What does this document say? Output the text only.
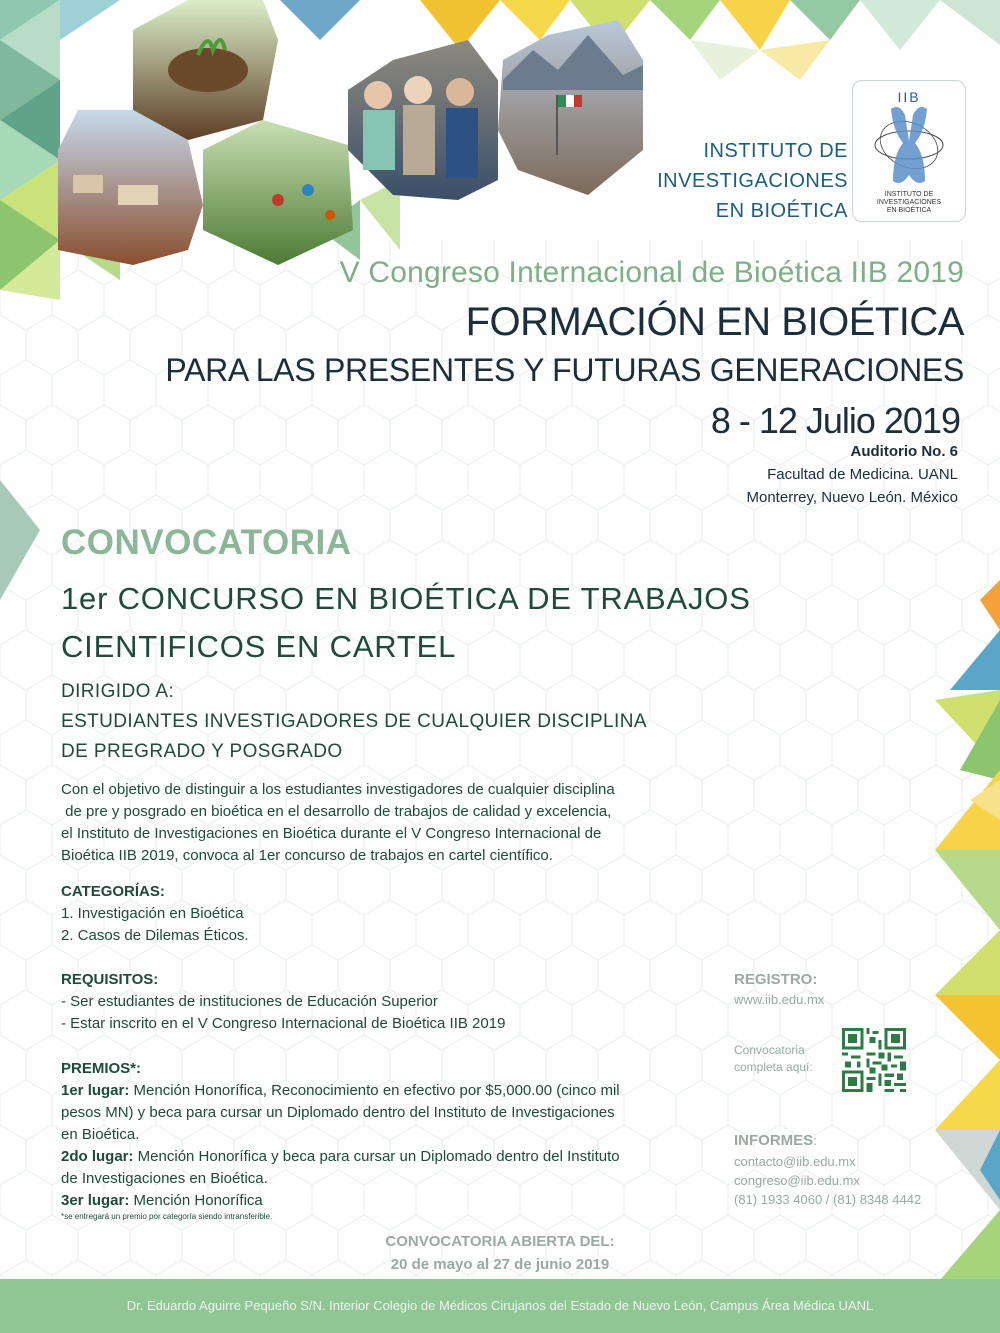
INSTITUTO DE
INVESTIGACIONES
EN BIOÉTICA
IIB
INSTITUTO DE
INVESTIGACIONES
EN BIOÉTICA
V Congreso Internacional de Bioética IIB 2019
FORMACIÓN EN BIOÉTICA
PARA LAS PRESENTES Y FUTURAS GENERACIONES
8 - 12 Julio 2019
Auditorio No. 6
Facultad de Medicina. UANL
Monterrey, Nuevo León. México
CONVOCATORIA
1er CONCURSO EN BIOÉTICA DE TRABAJOS
CIENTIFICOS EN CARTEL
DIRIGIDO A:
ESTUDIANTES INVESTIGADORES DE CUALQUIER DISCIPLINA
DE PREGRADO Y POSGRADO
Con el objetivo de distinguir a los estudiantes investigadores de cualquier disciplina
de pre y posgrado en bioética en el desarrollo de trabajos de calidad y excelencia,
el Instituto de Investigaciones en Bioética durante el V Congreso Internacional de
Bioética IIB 2019, convoca al 1er concurso de trabajos en cartel científico.
CATEGORÍAS:
1. Investigación en Bioética
2. Casos de Dilemas Éticos.
REQUISITOS:
- Ser estudiantes de instituciones de Educación Superior
- Estar inscrito en el V Congreso Internacional de Bioética IIB 2019
PREMIOS*:
1er lugar: Mención Honorífica, Reconocimiento en efectivo por $5,000.00 (cinco mil
pesos MN) y beca para cursar un Diplomado dentro del Instituto de Investigaciones
en Bioética.
2do lugar: Mención Honorífica y beca para cursar un Diplomado dentro del Instituto
de Investigaciones en Bioética.
3er lugar: Mención Honorífica
*se entregará un premio por categoría siendo intransferible.
REGISTRO:
www.iib.edu.mx
Convocatoria
completa aquí:
INFORMES:
contacto@iib.edu.mx
congreso@iib.edu.mx
(81) 1933 4060 / (81) 8348 4442
CONVOCATORIA ABIERTA DEL:
20 de mayo al 27 de junio 2019
Dr. Eduardo Aguirre Pequeño S/N. Interior Colegio de Médicos Cirujanos del Estado de Nuevo León, Campus Área Médica UANL
